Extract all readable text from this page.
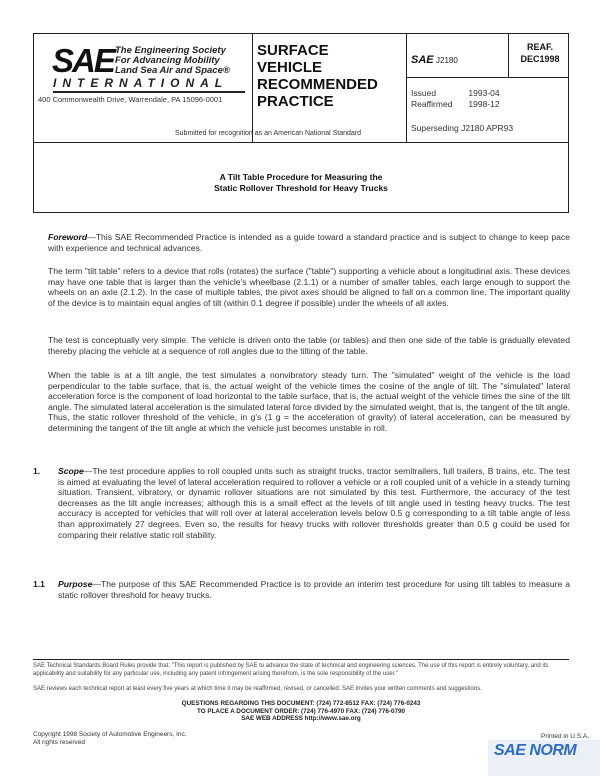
SAE The Engineering Society
For Advancing Mobility
Land Sea Air and Space®
INTERNATIONAL
400 Commonwealth Drive, Warrendale, PA 15096-0001
SURFACE
VEHICLE
RECOMMENDED
PRACTICE
Submitted for recognition as an American National Standard
SAE J2180
REAF.
DEC1998
Issued	1993-04
Reaffirmed	1998-12
Superseding J2180 APR93
A Tilt Table Procedure for Measuring the
Static Rollover Threshold for Heavy Trucks

Foreword—This SAE Recommended Practice is intended as a guide toward a standard practice and is subject to change to keep pace with experience and technical advances.

The term "tilt table" refers to a device that rolls (rotates) the surface ("table") supporting a vehicle about a longitudinal axis. These devices may have one table that is larger than the vehicle's wheelbase (2.1.1) or a number of smaller tables, each large enough to support the wheels on an axle (2.1.2). In the case of multiple tables, the pivot axes should be aligned to fall on a common line. The important quality of the device is to maintain equal angles of tilt (within 0.1 degree if possible) under the wheels of all axles.

The test is conceptually very simple. The vehicle is driven onto the table (or tables) and then one side of the table is gradually elevated thereby placing the vehicle at a sequence of roll angles due to the tilting of the table.

When the table is at a tilt angle, the test simulates a nonvibratory steady turn. The "simulated" weight of the vehicle is the load perpendicular to the table surface, that is, the actual weight of the vehicle times the cosine of the angle of tilt. The "simulated" lateral acceleration force is the component of load horizontal to the table surface, that is, the actual weight of the vehicle times the sine of the tilt angle. The simulated lateral acceleration is the simulated lateral force divided by the simulated weight, that is, the tangent of the tilt angle. Thus, the static rollover threshold of the vehicle, in g's (1 g = the acceleration of gravity) of lateral acceleration, can be measured by determining the tangent of the tilt angle at which the vehicle just becomes unstable in roll.

1. Scope—The test procedure applies to roll coupled units such as straight trucks, tractor semitrailers, full trailers, B trains, etc. The test is aimed at evaluating the level of lateral acceleration required to rollover a vehicle or a roll coupled unit of a vehicle in a steady turning situation. Transient, vibratory, or dynamic rollover situations are not simulated by this test. Furthermore, the accuracy of the test decreases as the tilt angle increases; although this is a small effect at the levels of tilt angle used in testing heavy trucks. The test accuracy is accepted for vehicles that will roll over at lateral acceleration levels below 0.5 g corresponding to a tilt table angle of less than approximately 27 degrees. Even so, the results for heavy trucks with rollover thresholds greater than 0.5 g could be used for comparing their relative static roll stability.

1.1 Purpose—The purpose of this SAE Recommended Practice is to provide an interim test procedure for using tilt tables to measure a static rollover threshold for heavy trucks.

SAE Technical Standards Board Rules provide that: "This report is published by SAE to advance the state of technical and engineering sciences. The use of this report is entirely voluntary, and its applicability and suitability for any particular use, including any patent infringement arising therefrom, is the sole responsibility of the user."
SAE reviews each technical report at least every five years at which time it may be reaffirmed, revised, or cancelled. SAE invites your written comments and suggestions.
QUESTIONS REGARDING THIS DOCUMENT: (724) 772-8512 FAX: (724) 776-0243
TO PLACE A DOCUMENT ORDER: (724) 776-4970 FAX: (724) 776-0790
SAE WEB ADDRESS http://www.sae.org
Copyright 1998 Society of Automotive Engineers, Inc.
All rights reserved
Printed in U.S.A.
SAE NORM
